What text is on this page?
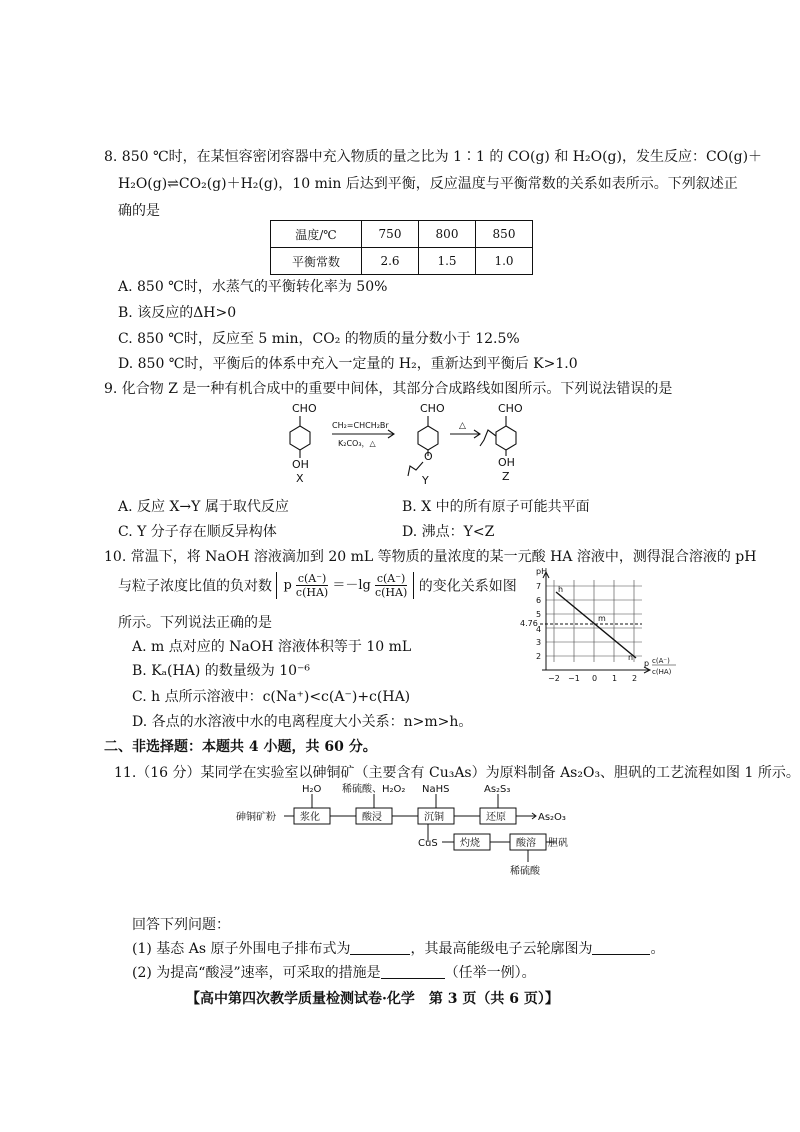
8. 850 ℃时，在某恒容密闭容器中充入物质的量之比为 1∶1 的 CO(g) 和 H₂O(g)，发生反应：CO(g)＋
H₂O(g)⇌CO₂(g)＋H₂(g)，10 min 后达到平衡，反应温度与平衡常数的关系如表所示。下列叙述正
确的是
温度/℃	750	800	850
平衡常数	2.6	1.5	1.0
A. 850 ℃时，水蒸气的平衡转化率为 50%
B. 该反应的ΔH>0
C. 850 ℃时，反应至 5 min，CO₂ 的物质的量分数小于 12.5%
D. 850 ℃时，平衡后的体系中充入一定量的 H₂，重新达到平衡后 K>1.0
9. 化合物 Z 是一种有机合成中的重要中间体，其部分合成路线如图所示。下列说法错误的是
CHO
OH
X
CH₂=CHCH₂Br
K₂CO₃，△
CHO
O
Y
△
CHO
OH
Z
A. 反应 X→Y 属于取代反应	B. X 中的所有原子可能共平面
C. Y 分子存在顺反异构体	D. 沸点：Y<Z
10. 常温下，将 NaOH 溶液滴加到 20 mL 等物质的量浓度的某一元酸 HA 溶液中，测得混合溶液的 pH
与粒子浓度比值的负对数 p $\frac{c(A^-)}{c(HA)} =-\lg \frac{c(A^-)}{c(HA)}$ 的变化关系如图
所示。下列说法正确的是
A. m 点对应的 NaOH 溶液体积等于 10 mL
B. Kₐ(HA) 的数量级为 10⁻⁶
C. h 点所示溶液中：c(Na⁺)<c(A⁻)+c(HA)
D. 各点的水溶液中水的电离程度大小关系：n>m>h。
pH
7
6
5
4
3
2
4.76
−2 −1 0 1 2
h
m
n
p c(A⁻)
c(HA)
二、非选择题：本题共 4 小题，共 60 分。
11.（16 分）某同学在实验室以砷铜矿（主要含有 Cu₃As）为原料制备 As₂O₃、胆矾的工艺流程如图 1 所示。
砷铜矿粉
H₂O 稀硫酸、H₂O₂ NaHS	As₂S₃
浆化	酸浸	沉铜	还原	As₂O₃
CuS 灼烧	酸溶 胆矾
稀硫酸
回答下列问题：
(1) 基态 As 原子外围电子排布式为	，其最高能级电子云轮廓图为	。
(2) 为提高“酸浸”速率，可采取的措施是	（任举一例）。
【高中第四次教学质量检测试卷·化学　第 3 页（共 6 页）】
